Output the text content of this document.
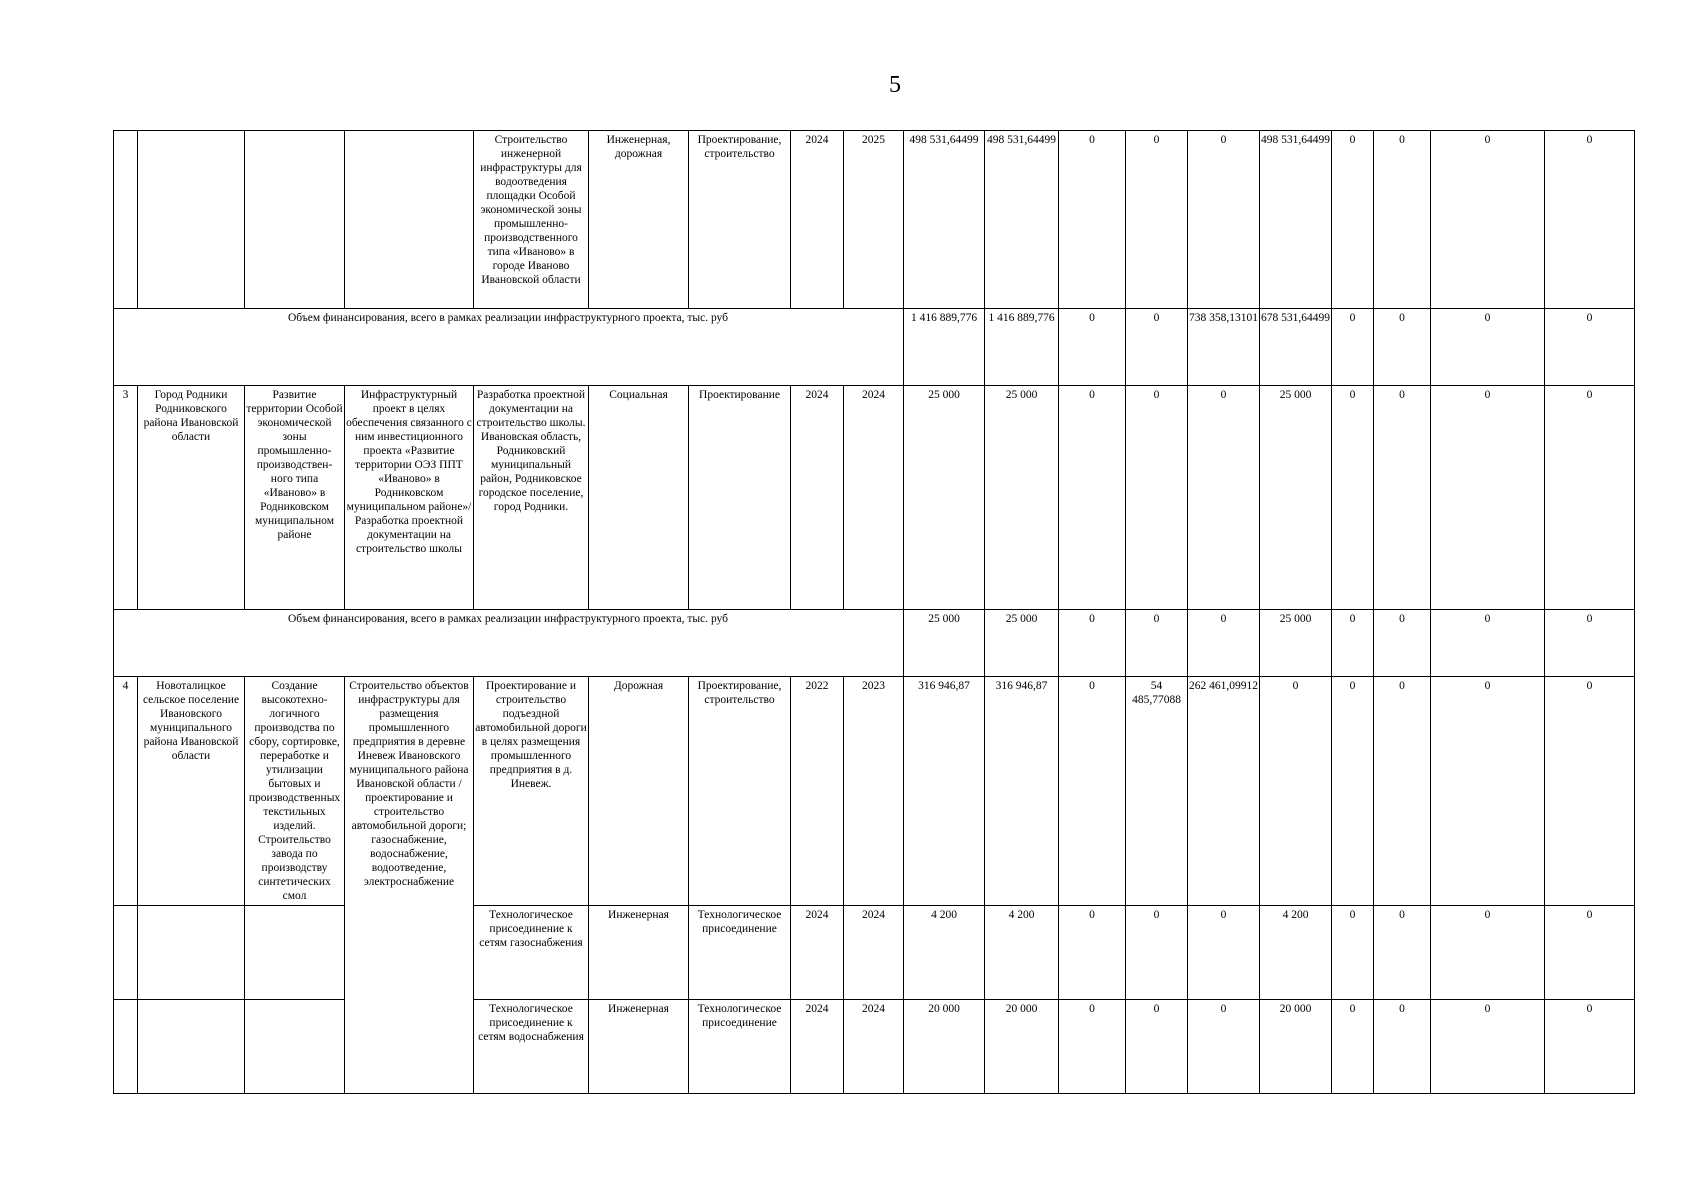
5
				Строительство инженерной инфраструктуры для водоотведения площадки Особой экономической зоны промышленно-производственного типа «Иваново» в городе Иваново Ивановской области	Инженерная, дорожная	Проектирование, строительство	2024	2025	498 531,64499	498 531,64499	0	0	0	498 531,64499	0	0	0	0
Объем финансирования, всего в рамках реализации инфраструктурного проекта, тыс. руб									1 416 889,776	1 416 889,776	0	0	738 358,13101	678 531,64499	0	0	0	0
3	Город Родники Родниковского района Ивановской области	Развитие территории Особой экономической зоны промышленно-производствен-ного типа «Иваново» в Родниковском муниципальном районе	Инфраструктурный проект в целях обеспечения связанного с ним инвестиционного проекта «Развитие территории ОЭЗ ППТ «Иваново» в Родниковском муниципальном районе»/Разработка проектной документации на строительство школы	Разработка проектной документации на строительство школы. Ивановская область, Родниковский муниципальный район, Родниковское городское поселение, город Родники.	Социальная	Проектирование	2024	2024	25 000	25 000	0	0	0	25 000	0	0	0	0
Объем финансирования, всего в рамках реализации инфраструктурного проекта, тыс. руб									25 000	25 000	0	0	0	25 000	0	0	0	0
4	Новоталицкое сельское поселение Ивановского муниципального района Ивановской области	Создание высокотехно-логичного производства по сбору, сортировке, переработке и утилизации бытовых и производственных текстильных изделий. Строительство завода по производству синтетических смол	Строительство объектов инфраструктуры для размещения промышленного предприятия в деревне Иневеж Ивановского муниципального района Ивановской области / проектирование и строительство автомобильной дороги; газоснабжение, водоснабжение, водоотведение, электроснабжение	Проектирование и строительство подъездной автомобильной дороги в целях размещения промышленного предприятия в д. Иневеж.	Дорожная	Проектирование, строительство	2022	2023	316 946,87	316 946,87	0	54 485,77088	262 461,09912	0	0	0	0	0
				Технологическое присоединение к сетям газоснабжения	Инженерная	Технологическое присоединение	2024	2024	4 200	4 200	0	0	0	4 200	0	0	0	0
				Технологическое присоединение к сетям водоснабжения	Инженерная	Технологическое присоединение	2024	2024	20 000	20 000	0	0	0	20 000	0	0	0	0
